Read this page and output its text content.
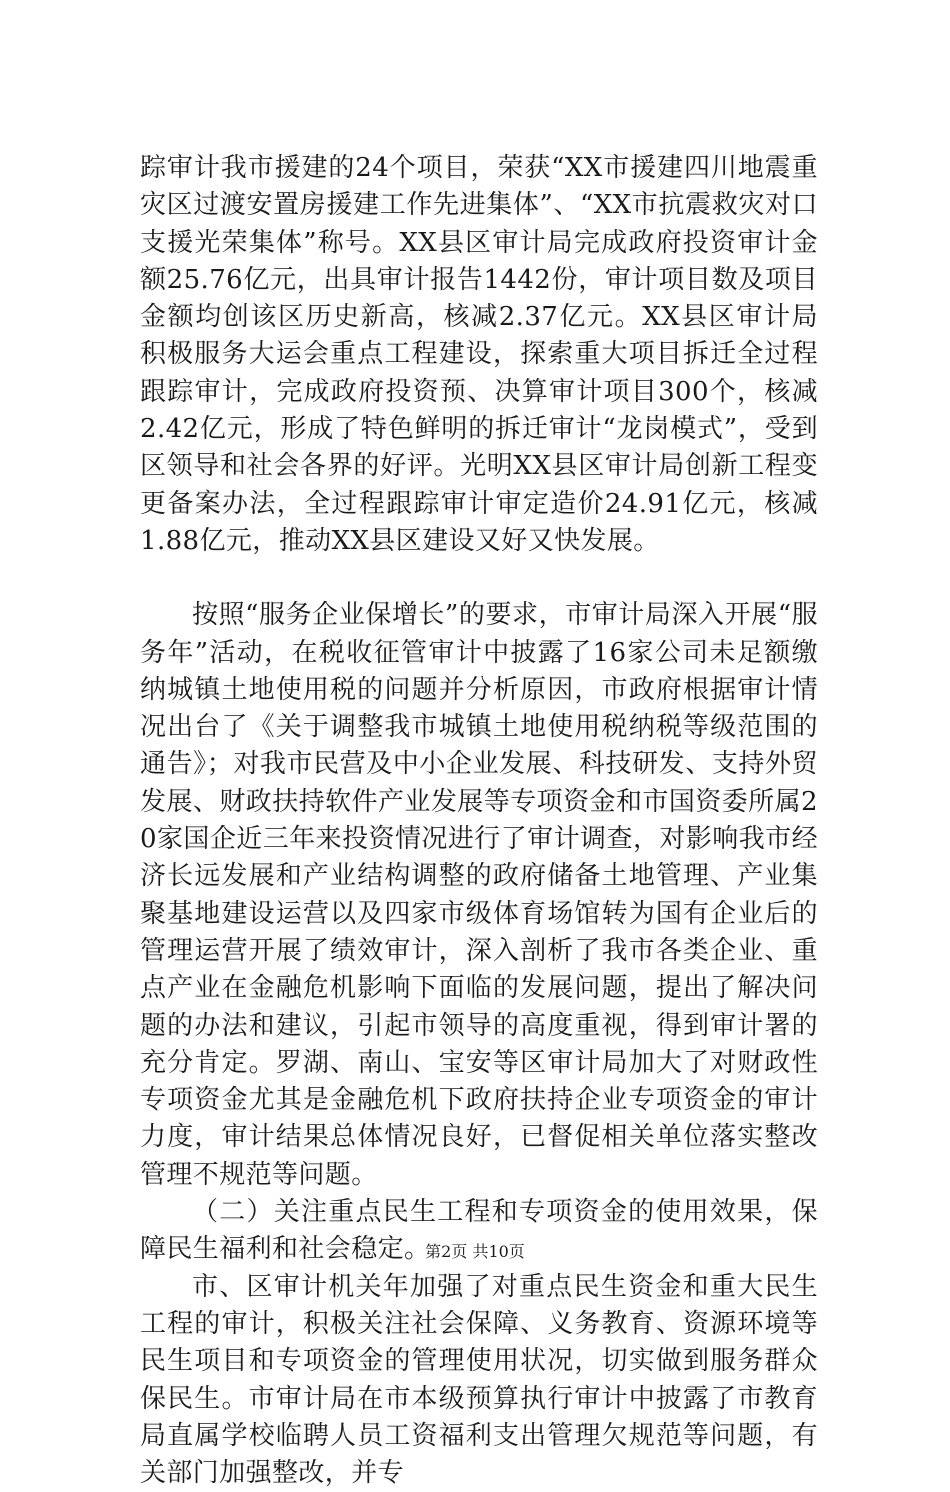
踪审计我市援建的24个项目，荣获“XX市援建四川地震重灾区过渡安置房援建工作先进集体”、“XX市抗震救灾对口支援光荣集体”称号。XX县区审计局完成政府投资审计金额25.76亿元，出具审计报告1442份，审计项目数及项目金额均创该区历史新高，核减2.37亿元。XX县区审计局积极服务大运会重点工程建设，探索重大项目拆迁全过程跟踪审计，完成政府投资预、决算审计项目300个，核减2.42亿元，形成了特色鲜明的拆迁审计“龙岗模式”，受到区领导和社会各界的好评。光明XX县区审计局创新工程变更备案办法，全过程跟踪审计审定造价24.91亿元，核减1.88亿元，推动XX县区建设又好又快发展。

按照“服务企业保增长”的要求，市审计局深入开展“服务年”活动，在税收征管审计中披露了16家公司未足额缴纳城镇土地使用税的问题并分析原因，市政府根据审计情况出台了《关于调整我市城镇土地使用税纳税等级范围的通告》；对我市民营及中小企业发展、科技研发、支持外贸发展、财政扶持软件产业发展等专项资金和市国资委所属20家国企近三年来投资情况进行了审计调查，对影响我市经济长远发展和产业结构调整的政府储备土地管理、产业集聚基地建设运营以及四家市级体育场馆转为国有企业后的管理运营开展了绩效审计，深入剖析了我市各类企业、重点产业在金融危机影响下面临的发展问题，提出了解决问题的办法和建议，引起市领导的高度重视，得到审计署的充分肯定。罗湖、南山、宝安等区审计局加大了对财政性专项资金尤其是金融危机下政府扶持企业专项资金的审计力度，审计结果总体情况良好，已督促相关单位落实整改管理不规范等问题。

（二）关注重点民生工程和专项资金的使用效果，保障民生福利和社会稳定。

市、区审计机关年加强了对重点民生资金和重大民生工程的审计，积极关注社会保障、义务教育、资源环境等民生项目和专项资金的管理使用状况，切实做到服务群众保民生。市审计局在市本级预算执行审计中披露了市教育局直属学校临聘人员工资福利支出管理欠规范等问题，有关部门加强整改，并专

第2页 共10页
